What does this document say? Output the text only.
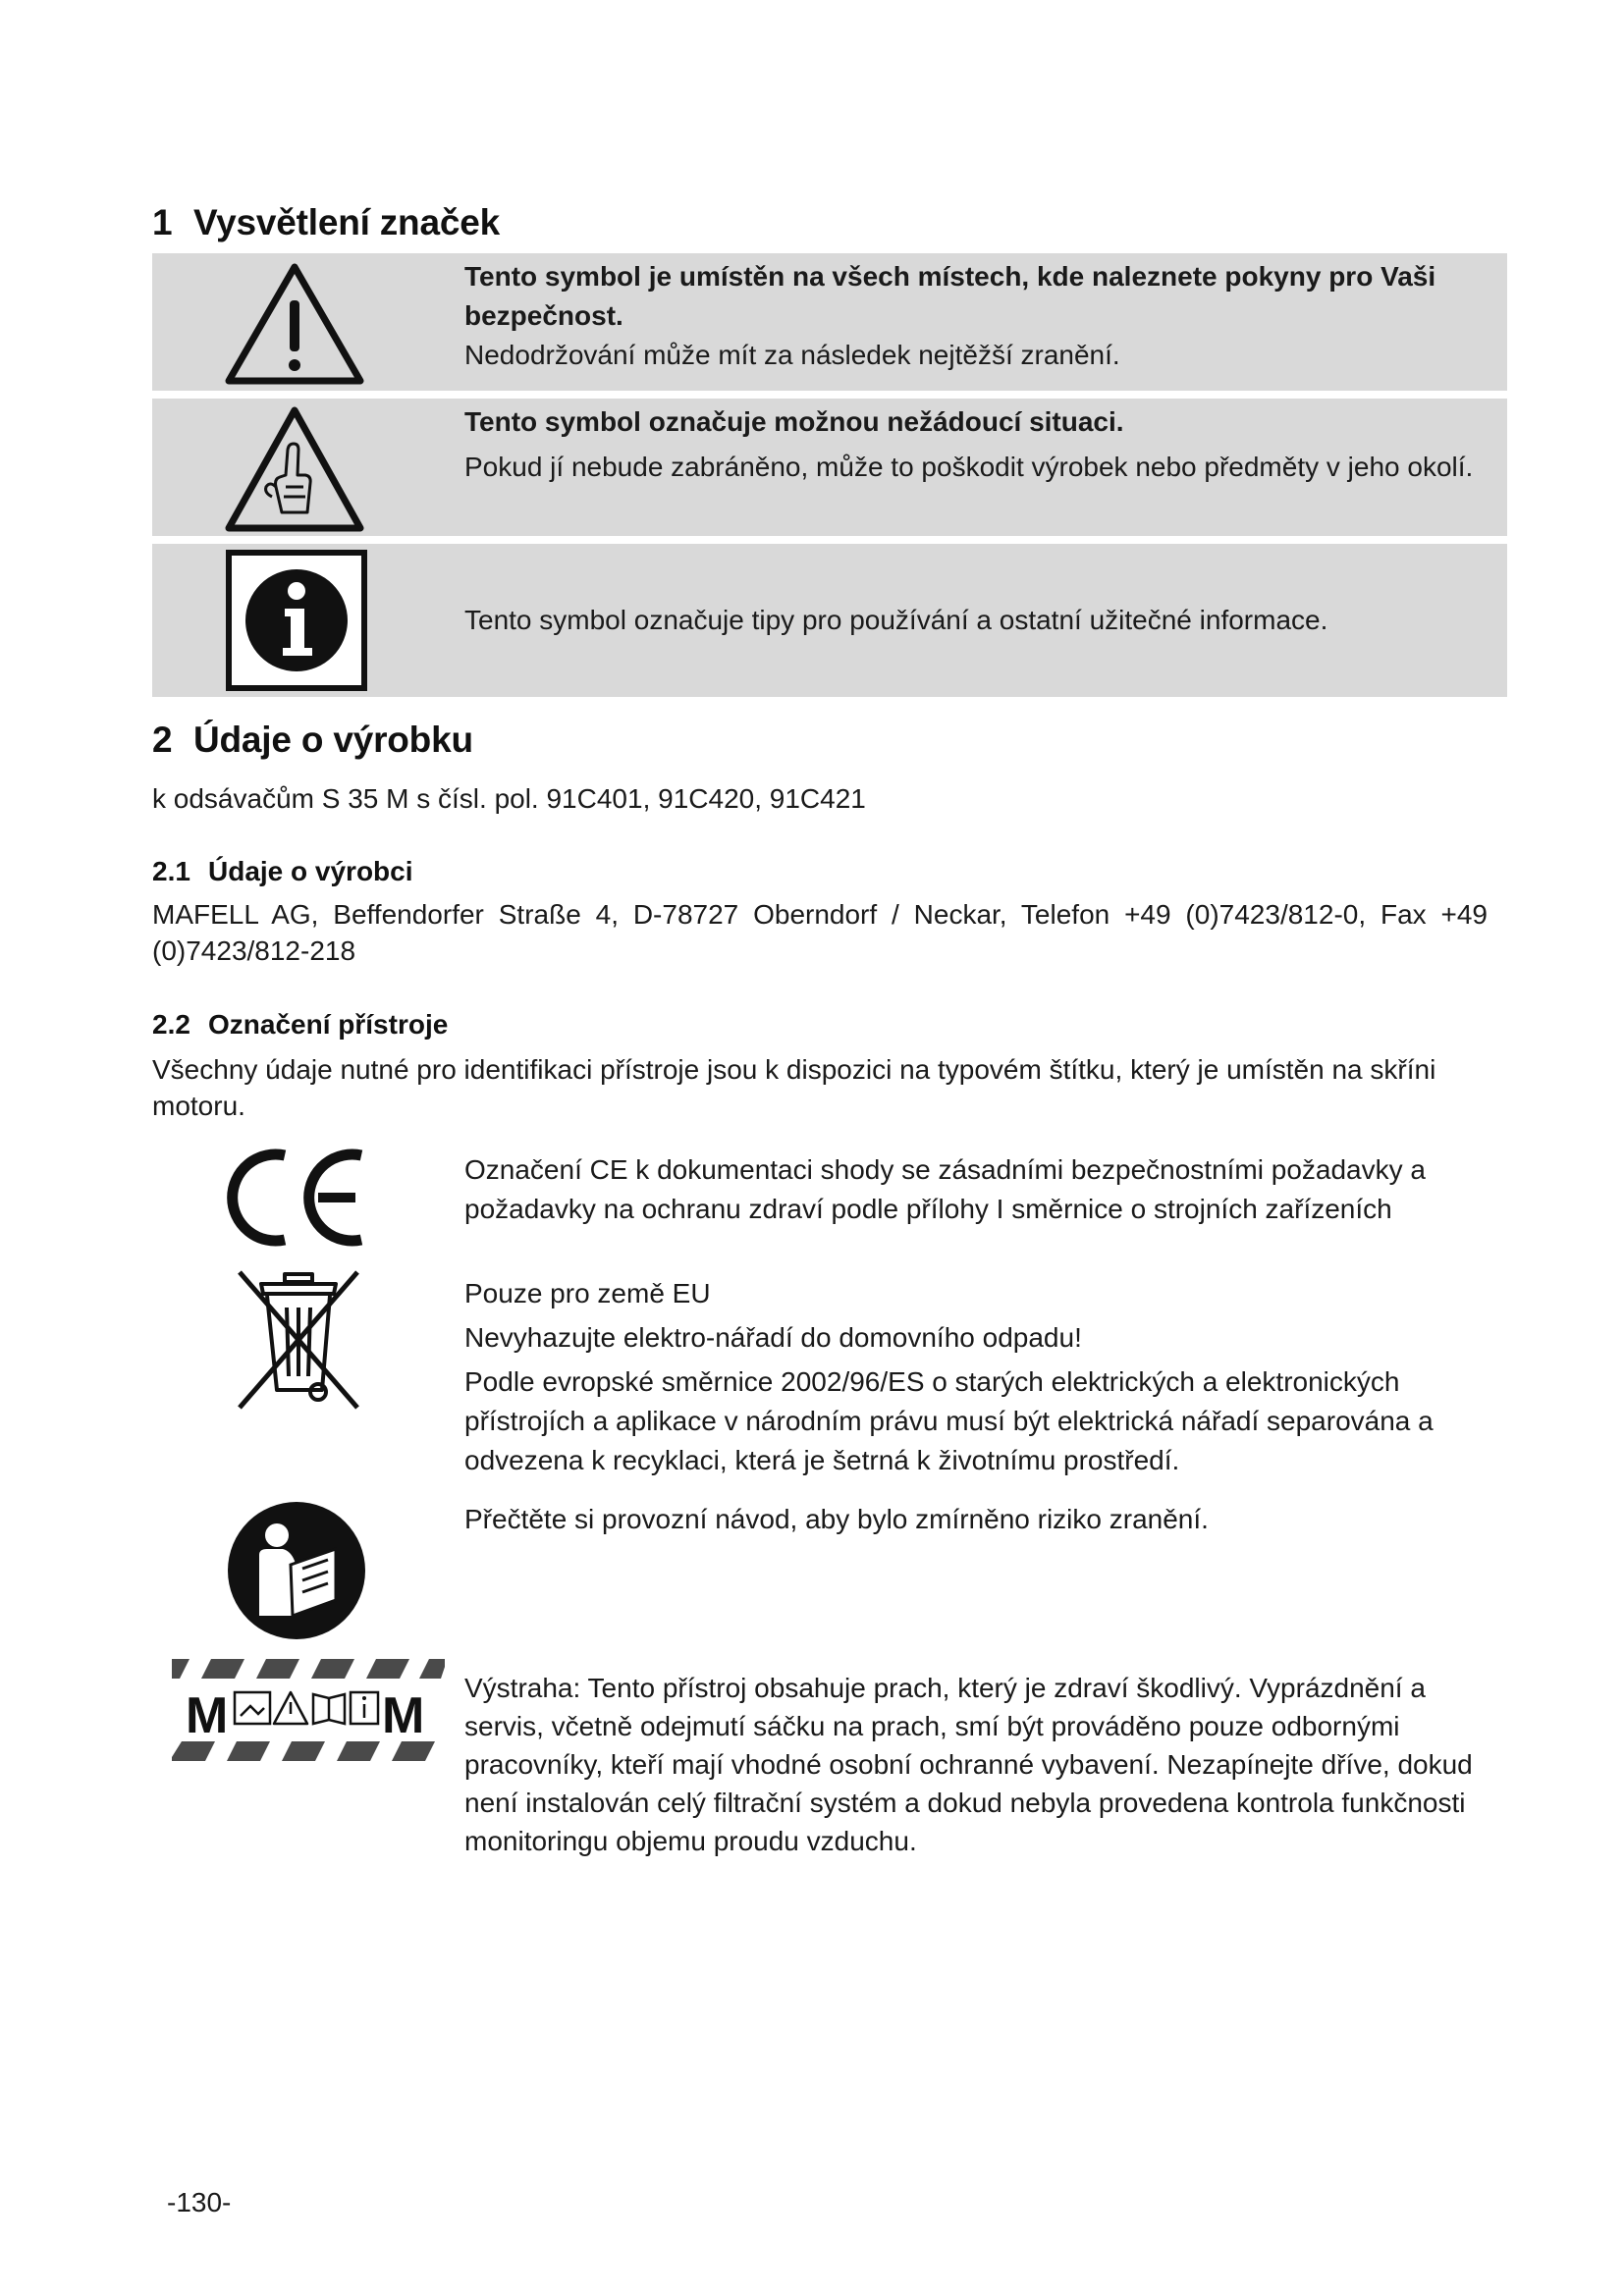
1 Vysvětlení značek
Tento symbol je umístěn na všech místech, kde naleznete pokyny pro Vaši bezpečnost.
Nedodržování může mít za následek nejtěžší zranění.
Tento symbol označuje možnou nežádoucí situaci.
Pokud jí nebude zabráněno, může to poškodit výrobek nebo předměty v jeho okolí.
Tento symbol označuje tipy pro používání a ostatní užitečné informace.
2 Údaje o výrobku

k odsávačům S 35 M s čísl. pol. 91C401, 91C420, 91C421

2.1 Údaje o výrobci

MAFELL AG, Beffendorfer Straße 4, D-78727 Oberndorf / Neckar, Telefon +49 (0)7423/812-0, Fax +49

(0)7423/812-218

2.2 Označení přístroje

Všechny údaje nutné pro identifikaci přístroje jsou k dispozici na typovém štítku, který je umístěn na skříni

motoru.

Označení CE k dokumentaci shody se zásadními bezpečnostními požadavky a
požadavky na ochranu zdraví podle přílohy I směrnice o strojních zařízeních
Pouze pro země EU
Nevyhazujte elektro-nářadí do domovního odpadu!
Podle evropské směrnice 2002/96/ES o starých elektrických a elektronických
přístrojích a aplikace v národním právu musí být elektrická nářadí separována a
odvezena k recyklaci, která je šetrná k životnímu prostředí.
Přečtěte si provozní návod, aby bylo zmírněno riziko zranění.
M	M Výstraha: Tento přístroj obsahuje prach, který je zdraví škodlivý. Vyprázdnění a
servis, včetně odejmutí sáčku na prach, smí být prováděno pouze odbornými
pracovníky, kteří mají vhodné osobní ochranné vybavení. Nezapínejte dříve, dokud
není instalován celý filtrační systém a dokud nebyla provedena kontrola funkčnosti
monitoringu objemu proudu vzduchu.
-130-
